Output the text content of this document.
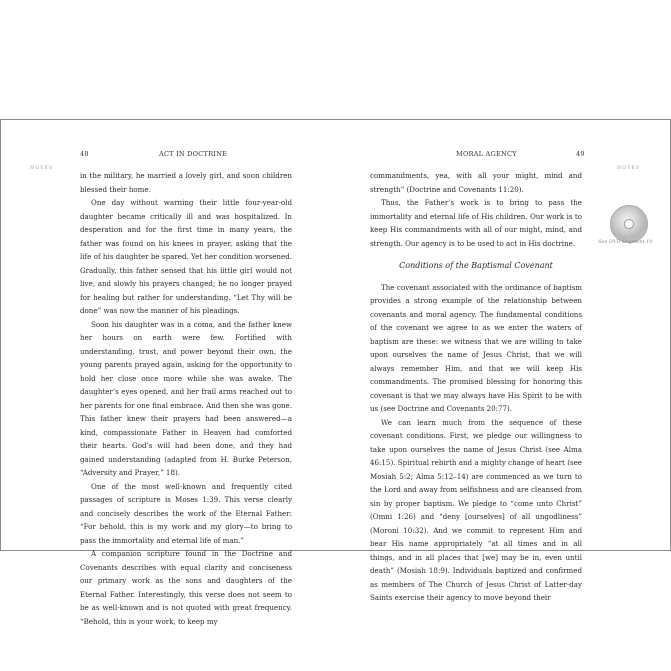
48	ACT IN DOCTRINE
NOTES

in the military, he married a lovely girl, and soon children blessed their home.

One day without warning their little four-year-old daughter became critically ill and was hospitalized. In desperation and for the first time in many years, the father was found on his knees in prayer, asking that the life of his daughter be spared. Yet her condition worsened. Gradually, this father sensed that his little girl would not live, and slowly his prayers changed; he no longer prayed for healing but rather for understanding. “Let Thy will be done” was now the manner of his pleadings.

Soon his daughter was in a coma, and the father knew her hours on earth were few. Fortified with understanding, trust, and power beyond their own, the young parents prayed again, asking for the opportunity to hold her close once more while she was awake. The daughter’s eyes opened, and her frail arms reached out to her parents for one final embrace. And then she was gone. This father knew their prayers had been answered—a kind, compassionate Father in Heaven had comforted their hearts. God’s will had been done, and they had gained understanding (adapted from H. Burke Peterson, “Adversity and Prayer,” 18).

One of the most well-known and frequently cited passages of scripture is Moses 1:39. This verse clearly and concisely describes the work of the Eternal Father: “For behold, this is my work and my glory—to bring to pass the immortality and eternal life of man.”

A companion scripture found in the Doctrine and Covenants describes with equal clarity and conciseness our primary work as the sons and daughters of the Eternal Father. Interestingly, this verse does not seem to be as well-known and is not quoted with great frequency. “Behold, this is your work, to keep my

MORAL AGENCY	49
NOTES
See DVD Segment 10

commandments, yea, with all your might, mind and strength” (Doctrine and Covenants 11:20).

Thus, the Father’s work is to bring to pass the immortality and eternal life of His children. Our work is to keep His commandments with all of our might, mind, and strength. Our agency is to be used to act in His doctrine.

Conditions of the Baptismal Covenant

The covenant associated with the ordinance of baptism provides a strong example of the relationship between covenants and moral agency. The fundamental conditions of the covenant we agree to as we enter the waters of baptism are these: we witness that we are willing to take upon ourselves the name of Jesus Christ, that we will always remember Him, and that we will keep His commandments. The promised blessing for honoring this covenant is that we may always have His Spirit to be with us (see Doctrine and Covenants 20:77).

We can learn much from the sequence of these covenant conditions. First, we pledge our willingness to take upon ourselves the name of Jesus Christ (see Alma 46:15). Spiritual rebirth and a mighty change of heart (see Mosiah 5:2; Alma 5:12–14) are commenced as we turn to the Lord and away from selfishness and are cleansed from sin by proper baptism. We pledge to “come unto Christ” (Omni 1:26) and “deny [ourselves] of all ungodliness” (Moroni 10:32). And we commit to represent Him and bear His name appropriately “at all times and in all things, and in all places that [we] may be in, even until death” (Mosiah 18:9). Individuals baptized and confirmed as members of The Church of Jesus Christ of Latter-day Saints exercise their agency to move beyond their
